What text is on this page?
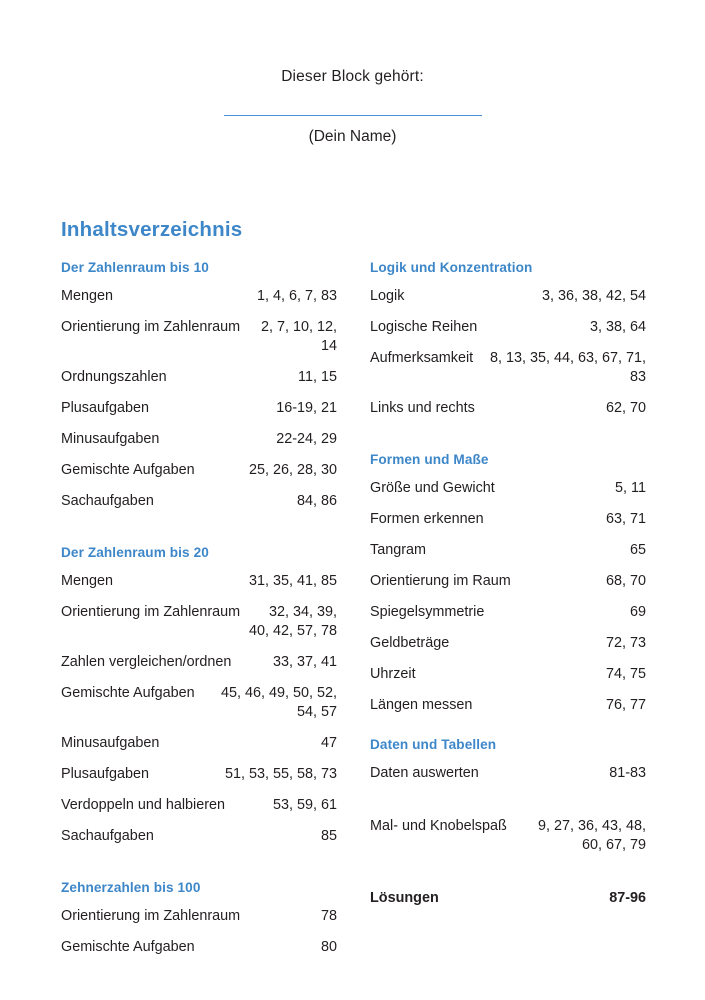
Dieser Block gehört:
(Dein Name)
Inhaltsverzeichnis
Der Zahlenraum bis 10
Mengen	1, 4, 6, 7, 83
Orientierung im Zahlenraum	2, 7, 10, 12, 14
Ordnungszahlen	11, 15
Plusaufgaben	16-19, 21
Minusaufgaben	22-24, 29
Gemischte Aufgaben	25, 26, 28, 30
Sachaufgaben	84, 86
Der Zahlenraum bis 20
Mengen	31, 35, 41, 85
Orientierung im Zahlenraum	32, 34, 39, 40, 42, 57, 78
Zahlen vergleichen/ordnen	33, 37, 41
Gemischte Aufgaben	45, 46, 49, 50, 52, 54, 57
Minusaufgaben	47
Plusaufgaben	51, 53, 55, 58, 73
Verdoppeln und halbieren	53, 59, 61
Sachaufgaben	85
Zehnerzahlen bis 100
Orientierung im Zahlenraum	78
Gemischte Aufgaben	80
Logik und Konzentration
Logik	3, 36, 38, 42, 54
Logische Reihen	3, 38, 64
Aufmerksamkeit	8, 13, 35, 44, 63, 67, 71, 83
Links und rechts	62, 70
Formen und Maße
Größe und Gewicht	5, 11
Formen erkennen	63, 71
Tangram	65
Orientierung im Raum	68, 70
Spiegelsymmetrie	69
Geldbeträge	72, 73
Uhrzeit	74, 75
Längen messen	76, 77
Daten und Tabellen
Daten auswerten	81-83
Mal- und Knobelspaß	9, 27, 36, 43, 48, 60, 67, 79
Lösungen	87-96
